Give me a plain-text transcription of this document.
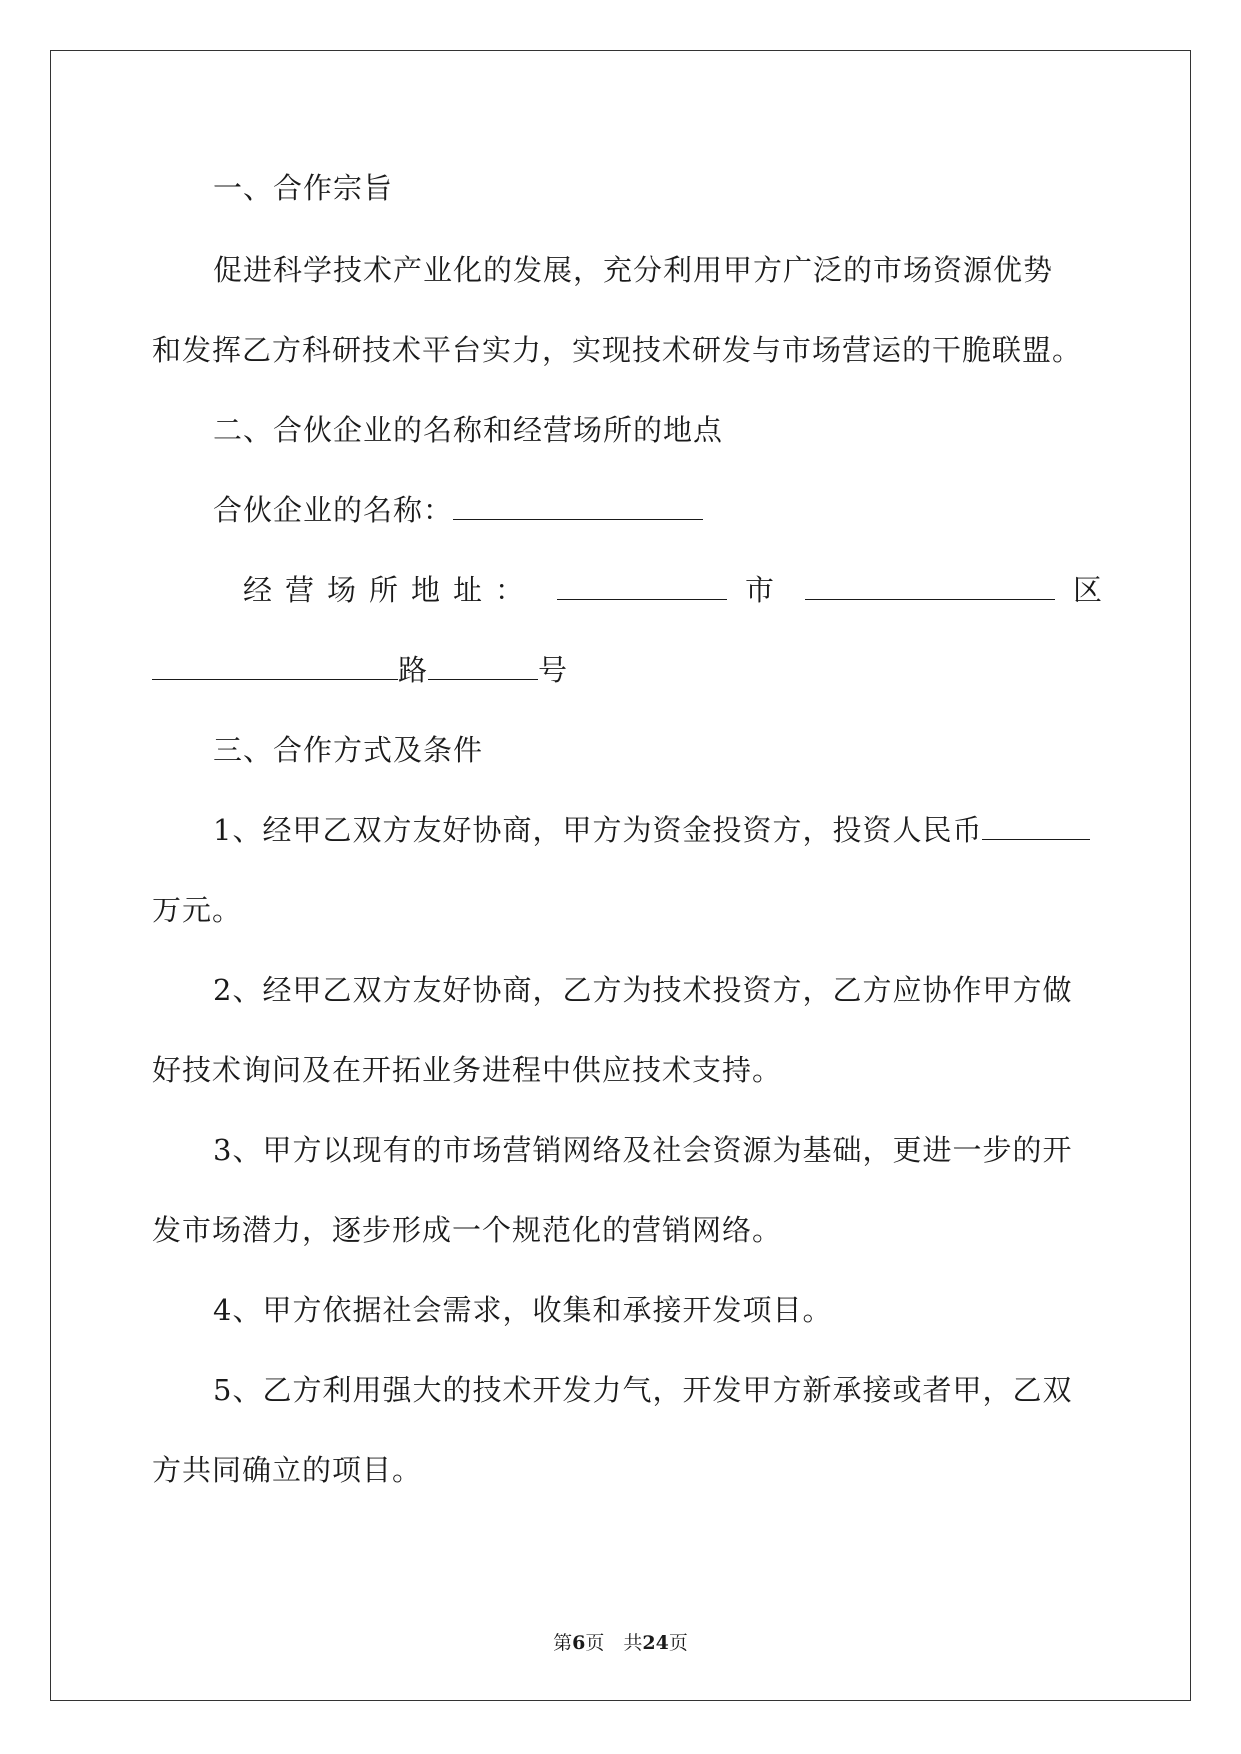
一、合作宗旨
促进科学技术产业化的发展，充分利用甲方广泛的市场资源优势
和发挥乙方科研技术平台实力，实现技术研发与市场营运的干脆联盟。
二、合伙企业的名称和经营场所的地点
合伙企业的名称：
经营场所地址：	市	区
路	号
三、合作方式及条件
1、经甲乙双方友好协商，甲方为资金投资方，投资人民币
万元。
2、经甲乙双方友好协商，乙方为技术投资方，乙方应协作甲方做
好技术询问及在开拓业务进程中供应技术支持。
3、甲方以现有的市场营销网络及社会资源为基础，更进一步的开
发市场潜力，逐步形成一个规范化的营销网络。
4、甲方依据社会需求，收集和承接开发项目。
5、乙方利用强大的技术开发力气，开发甲方新承接或者甲，乙双
方共同确立的项目。
第6页　共24页
